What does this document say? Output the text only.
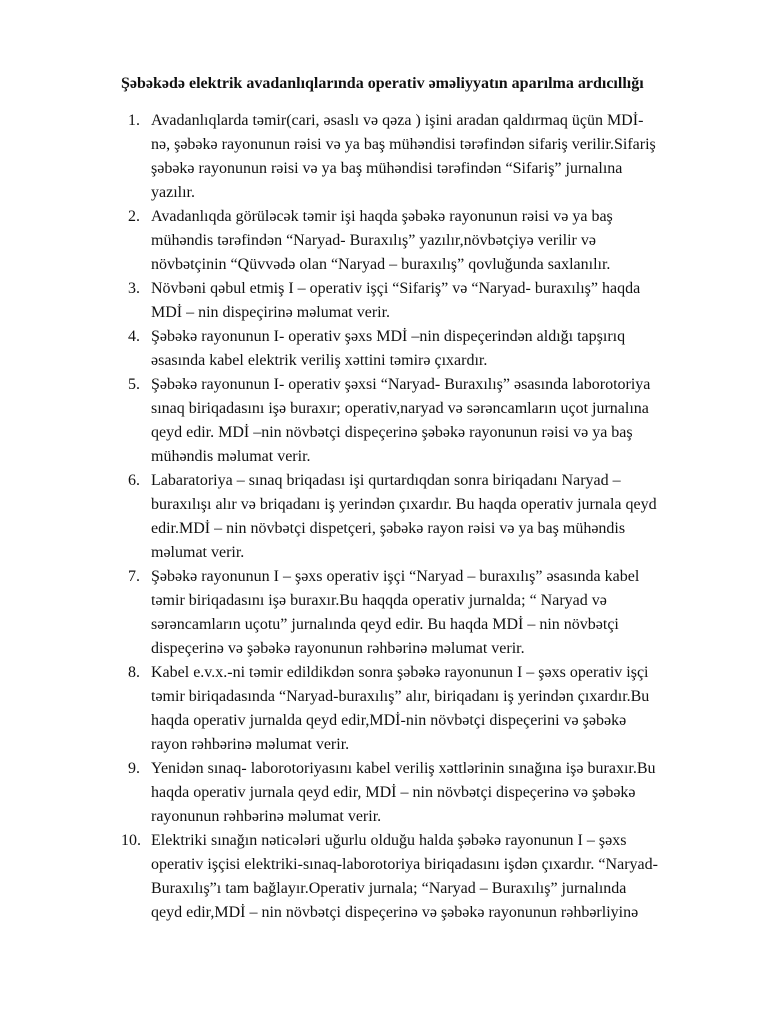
Şəbəkədə elektrik avadanlıqlarında operativ əməliyyatın aparılma ardıcıllığı
1. Avadanlıqlarda təmir(cari, əsaslı və qəza ) işini aradan qaldırmaq üçün MDİ-
nə, şəbəkə rayonunun rəisi və ya baş mühəndisi tərəfindən sifariş verilir.Sifariş
şəbəkə rayonunun rəisi və ya baş mühəndisi tərəfindən “Sifariş” jurnalına
yazılır.
2. Avadanlıqda görüləcək təmir işi haqda şəbəkə rayonunun rəisi və ya baş
mühəndis tərəfindən “Naryad- Buraxılış” yazılır,növbətçiyə verilir və
növbətçinin “Qüvvədə olan “Naryad – buraxılış” qovluğunda saxlanılır.
3. Növbəni qəbul etmiş I – operativ işçi “Sifariş” və “Naryad- buraxılış” haqda
MDİ – nin dispeçirinə məlumat verir.
4. Şəbəkə rayonunun I- operativ şəxs MDİ –nin dispeçerindən aldığı tapşırıq
əsasında kabel elektrik veriliş xəttini təmirə çıxardır.
5. Şəbəkə rayonunun I- operativ şəxsi “Naryad- Buraxılış” əsasında laborotoriya
sınaq biriqadasını işə buraxır; operativ,naryad və sərəncamların uçot jurnalına
qeyd edir. MDİ –nin növbətçi dispeçerinə şəbəkə rayonunun rəisi və ya baş
mühəndis məlumat verir.
6. Labaratoriya – sınaq briqadası işi qurtardıqdan sonra biriqadanı Naryad –
buraxılışı alır və briqadanı iş yerindən çıxardır. Bu haqda operativ jurnala qeyd
edir.MDİ – nin növbətçi dispetçeri, şəbəkə rayon rəisi və ya baş mühəndis
məlumat verir.
7. Şəbəkə rayonunun I – şəxs operativ işçi “Naryad – buraxılış” əsasında kabel
təmir biriqadasını işə buraxır.Bu haqqda operativ jurnalda; “ Naryad və
sərəncamların uçotu” jurnalında qeyd edir. Bu haqda MDİ – nin növbətçi
dispeçerinə və şəbəkə rayonunun rəhbərinə məlumat verir.
8. Kabel e.v.x.-ni təmir edildikdən sonra şəbəkə rayonunun I – şəxs operativ işçi
təmir biriqadasında “Naryad-buraxılış” alır, biriqadanı iş yerindən çıxardır.Bu
haqda operativ jurnalda qeyd edir,MDİ-nin növbətçi dispeçerini və şəbəkə
rayon rəhbərinə məlumat verir.
9. Yenidən sınaq- laborotoriyasını kabel veriliş xəttlərinin sınağına işə buraxır.Bu
haqda operativ jurnala qeyd edir, MDİ – nin növbətçi dispeçerinə və şəbəkə
rayonunun rəhbərinə məlumat verir.
10. Elektriki sınağın nəticələri uğurlu olduğu halda şəbəkə rayonunun I – şəxs
operativ işçisi elektriki-sınaq-laborotoriya biriqadasını işdən çıxardır. “Naryad-
Buraxılış”ı tam bağlayır.Operativ jurnala; “Naryad – Buraxılış” jurnalında
qeyd edir,MDİ – nin növbətçi dispeçerinə və şəbəkə rayonunun rəhbərliyinə
